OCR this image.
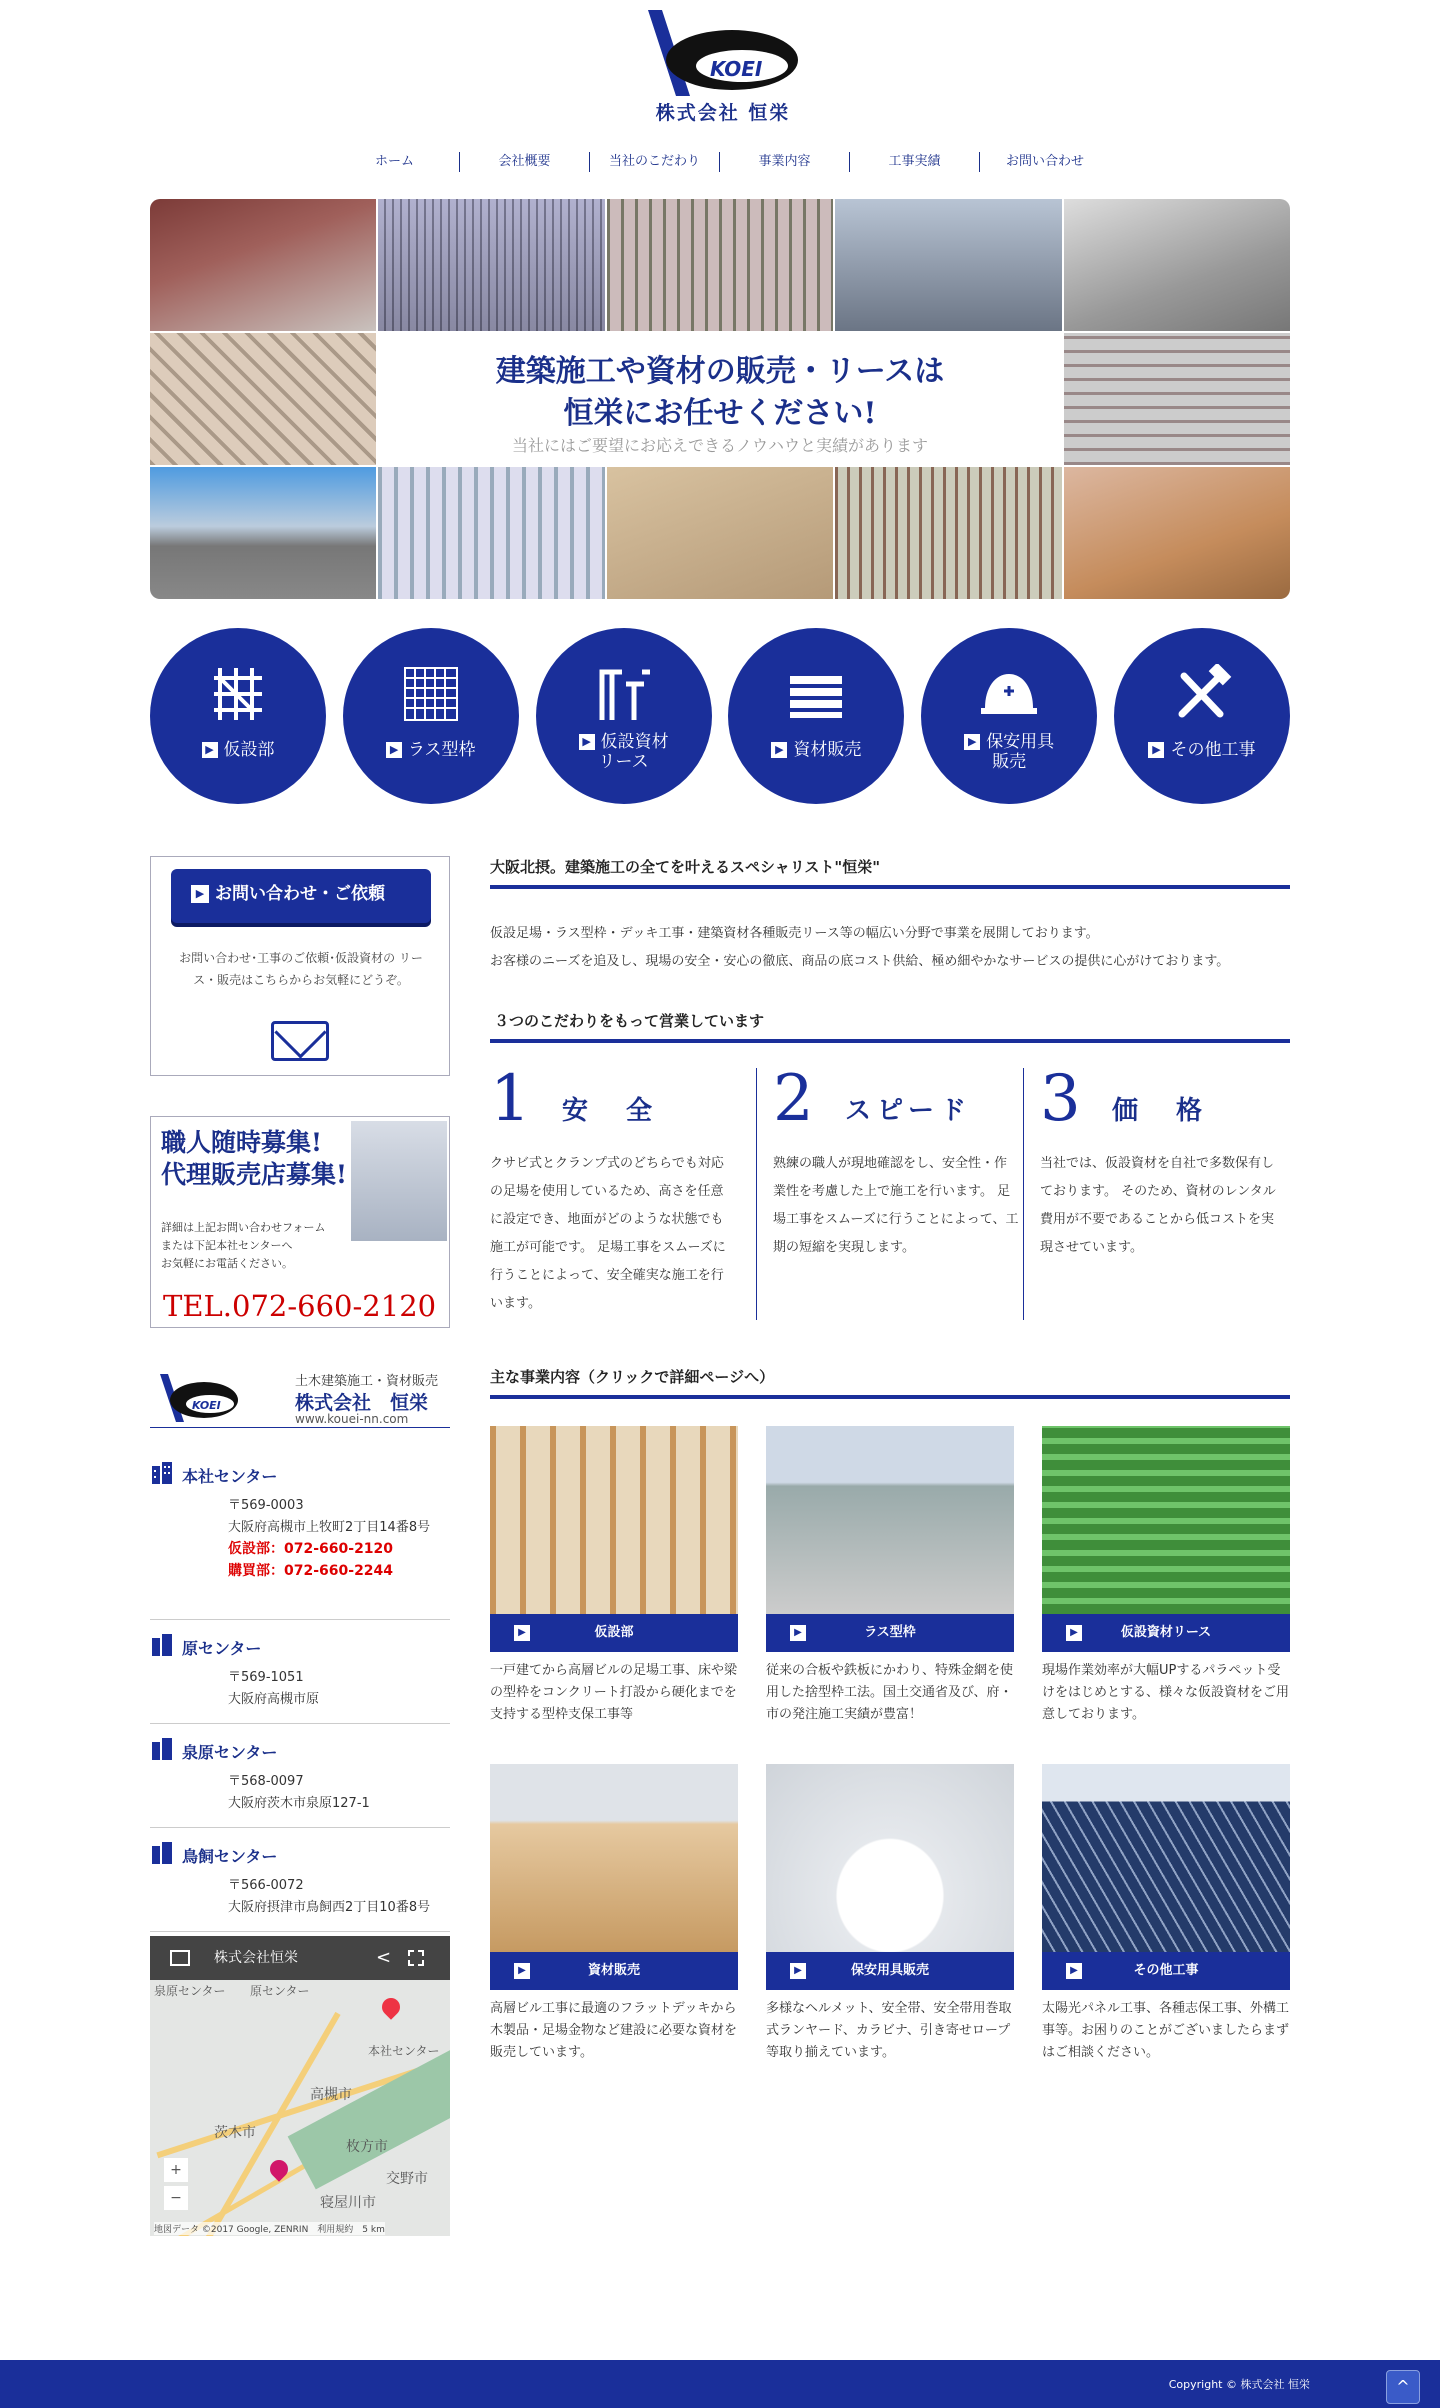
KOEI
株式会社 恒栄
ホーム	会社概要	当社のこだわり	事業内容	工事実績	お問い合わせ
建築施工や資材の販売・リースは
恒栄にお任せください!
当社にはご要望にお応えできるノウハウと実績があります
▶ 仮設部	▶ ラス型枠	▶ 仮設資材
リース
▶ 資材販売	▶ 保安用具
販売
▶ その他工事
▶ お問い合わせ・ご依頼
お問い合わせ･工事のご依頼･仮設資材の リース・販売はこちらからお気軽にどうぞ。
職人随時募集!
代理販売店募集!
詳細は上記お問い合わせフォーム
または下記本社センターへ
お気軽にお電話ください。
TEL.072-660-2120
KOEI
土木建築施工・資材販売
株式会社　恒栄
www.kouei-nn.com
本社センター
〒569-0003
大阪府高槻市上牧町2丁目14番8号
仮設部：072-660-2120
購買部：072-660-2244
原センター
〒569-1051
大阪府高槻市原
泉原センター
〒568-0097
大阪府茨木市泉原127-1
鳥飼センター
〒566-0072
大阪府摂津市鳥飼西2丁目10番8号
株式会社恒栄	<
泉原センター 原センター
本社センター
高槻市
茨木市
枚方市
寝屋川市
交野市
+
−
地図データ ©2017 Google, ZENRIN　利用規約　5 km
大阪北摂。建築施工の全てを叶えるスペシャリスト"恒栄"
仮設足場・ラス型枠・デッキ工事・建築資材各種販売リース等の幅広い分野で事業を展開しております。
お客様のニーズを追及し、現場の安全・安心の徹底、商品の底コスト供給、極め細やかなサービスの提供に心がけております。
３つのこだわりをもって営業しています
1 安　全
クサビ式とクランプ式のどちらでも対応の足場を使用しているため、高さを任意に設定でき、地面がどのような状態でも施工が可能です。 足場工事をスムーズに行うことによって、安全確実な施工を行います。
2 スピード
熟練の職人が現地確認をし、安全性・作業性を考慮した上で施工を行います。 足場工事をスムーズに行うことによって、工期の短縮を実現します。
3 価　格
当社では、仮設資材を自社で多数保有しております。 そのため、資材のレンタル費用が不要であることから低コストを実現させています。
主な事業内容（クリックで詳細ページへ）
▶	仮設部
一戸建てから高層ビルの足場工事、床や梁の型枠をコンクリート打設から硬化までを支持する型枠支保工事等
▶	ラス型枠
従来の合板や鉄板にかわり、特殊金網を使用した捨型枠工法。国土交通省及び、府・市の発注施工実績が豊富！
▶	仮設資材リース
現場作業効率が大幅UPするパラペット受けをはじめとする、様々な仮設資材をご用意しております。
▶	資材販売
高層ビル工事に最適のフラットデッキから木製品・足場金物など建設に必要な資材を販売しています。
▶	保安用具販売
多様なヘルメット、安全帯、安全帯用巻取式ランヤード、カラビナ、引き寄せロープ等取り揃えています。
▶	その他工事
太陽光パネル工事、各種志保工事、外構工事等。お困りのことがございましたらまずはご相談ください。
Copyright © 株式会社 恒栄	^
